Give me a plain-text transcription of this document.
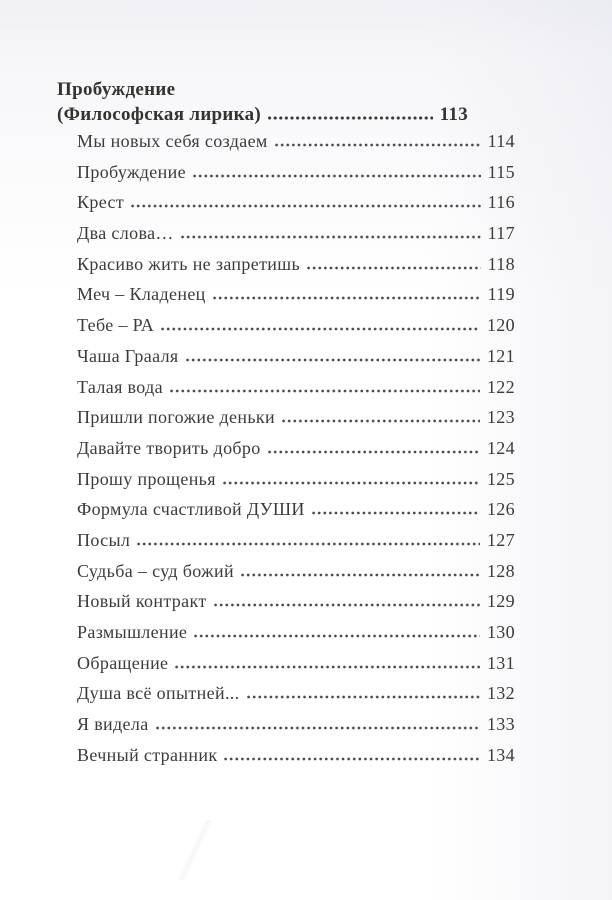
Пробуждение
(Философская лирика)	113
Мы новых себя создаем	114
Пробуждение	115
Крест	116
Два слова…	117
Красиво жить не запретишь	118
Меч – Кладенец	119
Тебе – РА	120
Чаша Грааля	121
Талая вода	122
Пришли погожие деньки	123
Давайте творить добро	124
Прошу прощенья	125
Формула счастливой ДУШИ	126
Посыл	127
Судьба – суд божий	128
Новый контракт	129
Размышление	130
Обращение	131
Душа всё опытней...	132
Я видела	133
Вечный странник	134
